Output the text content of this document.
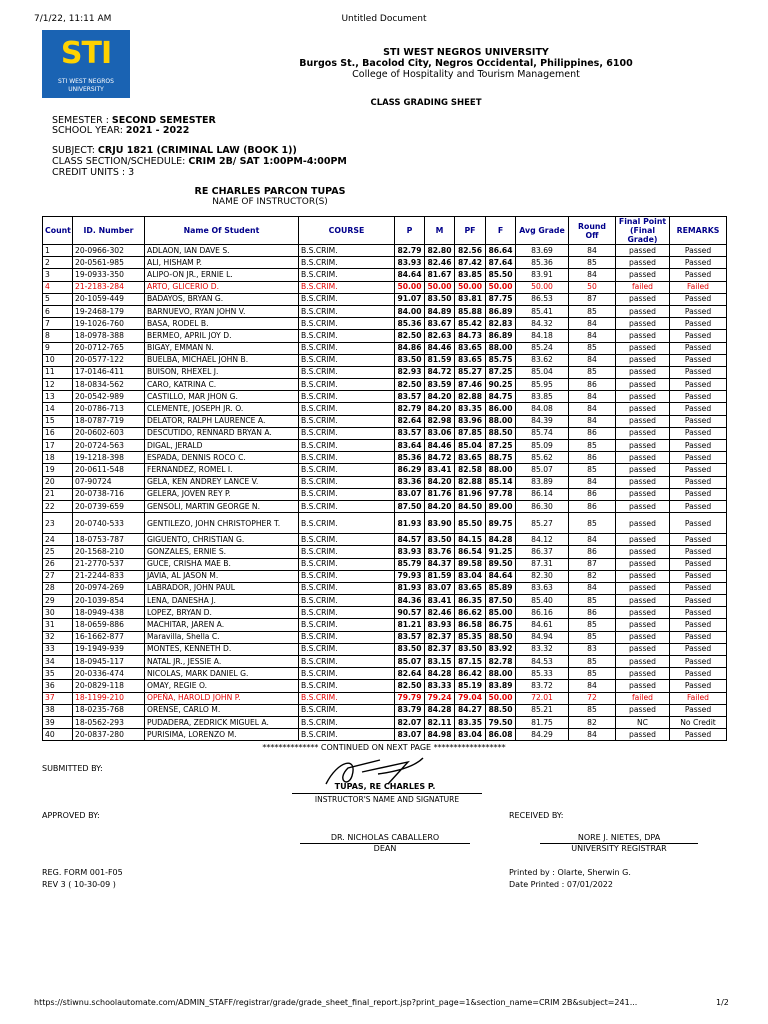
7/1/22, 11:11 AM	Untitled Document
STI
STI WEST NEGROS UNIVERSITY
STI WEST NEGROS UNIVERSITY
Burgos St., Bacolod City, Negros Occidental, Philippines, 6100
College of Hospitality and Tourism Management
CLASS GRADING SHEET
SEMESTER : SECOND SEMESTER
SCHOOL YEAR: 2021 - 2022
SUBJECT: CRJU 1821 (CRIMINAL LAW (BOOK 1))
CLASS SECTION/SCHEDULE: CRIM 2B/ SAT 1:00PM-4:00PM
CREDIT UNITS : 3
RE CHARLES PARCON TUPAS
NAME OF INSTRUCTOR(S)
Count	ID. Number	Name Of Student	COURSE	P	M	PF	F	Avg Grade	Round Off	Final Point (Final Grade)	REMARKS
1	20-0966-302	ADLAON, IAN DAVE S.	B.S.CRIM.	82.79	82.80	82.56	86.64	83.69	84	passed	Passed
2	20-0561-985	ALI, HISHAM P.	B.S.CRIM.	83.93	82.46	87.42	87.64	85.36	85	passed	Passed
3	19-0933-350	ALIPO-ON JR., ERNIE L.	B.S.CRIM.	84.64	81.67	83.85	85.50	83.91	84	passed	Passed
4	21-2183-284	ARTO, GLICERIO D.	B.S.CRIM.	50.00	50.00	50.00	50.00	50.00	50	failed	Failed
5	20-1059-449	BADAYOS, BRYAN G.	B.S.CRIM.	91.07	83.50	83.81	87.75	86.53	87	passed	Passed
6	19-2468-179	BARNUEVO, RYAN JOHN V.	B.S.CRIM.	84.00	84.89	85.88	86.89	85.41	85	passed	Passed
7	19-1026-760	BASA, RODEL B.	B.S.CRIM.	85.36	83.67	85.42	82.83	84.32	84	passed	Passed
8	18-0978-388	BERMEO, APRIL JOY D.	B.S.CRIM.	82.50	82.63	84.73	86.89	84.18	84	passed	Passed
9	20-0712-765	BIGAY, EMMAN N.	B.S.CRIM.	84.86	84.46	83.65	88.00	85.24	85	passed	Passed
10	20-0577-122	BUELBA, MICHAEL JOHN B.	B.S.CRIM.	83.50	81.59	83.65	85.75	83.62	84	passed	Passed
11	17-0146-411	BUISON, RHEXEL J.	B.S.CRIM.	82.93	84.72	85.27	87.25	85.04	85	passed	Passed
12	18-0834-562	CARO, KATRINA C.	B.S.CRIM.	82.50	83.59	87.46	90.25	85.95	86	passed	Passed
13	20-0542-989	CASTILLO, MAR JHON G.	B.S.CRIM.	83.57	84.20	82.88	84.75	83.85	84	passed	Passed
14	20-0786-713	CLEMENTE, JOSEPH JR. O.	B.S.CRIM.	82.79	84.20	83.35	86.00	84.08	84	passed	Passed
15	18-0787-719	DELATOR, RALPH LAURENCE A.	B.S.CRIM.	82.64	82.98	83.96	88.00	84.39	84	passed	Passed
16	20-0602-603	DESCUTIDO, RENNARD BRYAN A.	B.S.CRIM.	83.57	83.06	87.85	88.50	85.74	86	passed	Passed
17	20-0724-563	DIGAL, JERALD	B.S.CRIM.	83.64	84.46	85.04	87.25	85.09	85	passed	Passed
18	19-1218-398	ESPADA, DENNIS ROCO C.	B.S.CRIM.	85.36	84.72	83.65	88.75	85.62	86	passed	Passed
19	20-0611-548	FERNANDEZ, ROMEL I.	B.S.CRIM.	86.29	83.41	82.58	88.00	85.07	85	passed	Passed
20	07-90724	GELA, KEN ANDREY LANCE V.	B.S.CRIM.	83.36	84.20	82.88	85.14	83.89	84	passed	Passed
21	20-0738-716	GELERA, JOVEN REY P.	B.S.CRIM.	83.07	81.76	81.96	97.78	86.14	86	passed	Passed
22	20-0739-659	GENSOLI, MARTIN GEORGE N.	B.S.CRIM.	87.50	84.20	84.50	89.00	86.30	86	passed	Passed
23	20-0740-533	GENTILEZO, JOHN CHRISTOPHER T.	B.S.CRIM.	81.93	83.90	85.50	89.75	85.27	85	passed	Passed
24	18-0753-787	GIGUENTO, CHRISTIAN G.	B.S.CRIM.	84.57	83.50	84.15	84.28	84.12	84	passed	Passed
25	20-1568-210	GONZALES, ERNIE S.	B.S.CRIM.	83.93	83.76	86.54	91.25	86.37	86	passed	Passed
26	21-2770-537	GUCE, CRISHA MAE B.	B.S.CRIM.	85.79	84.37	89.58	89.50	87.31	87	passed	Passed
27	21-2244-833	JAVIA, AL JASON M.	B.S.CRIM.	79.93	81.59	83.04	84.64	82.30	82	passed	Passed
28	20-0974-269	LABRADOR, JOHN PAUL	B.S.CRIM.	81.93	83.07	83.65	85.89	83.63	84	passed	Passed
29	20-1039-854	LENA, DANESHA J.	B.S.CRIM.	84.36	83.41	86.35	87.50	85.40	85	passed	Passed
30	18-0949-438	LOPEZ, BRYAN D.	B.S.CRIM.	90.57	82.46	86.62	85.00	86.16	86	passed	Passed
31	18-0659-886	MACHITAR, JAREN A.	B.S.CRIM.	81.21	83.93	86.58	86.75	84.61	85	passed	Passed
32	16-1662-877	Maravilla, Shella C.	B.S.CRIM.	83.57	82.37	85.35	88.50	84.94	85	passed	Passed
33	19-1949-939	MONTES, KENNETH D.	B.S.CRIM.	83.50	82.37	83.50	83.92	83.32	83	passed	Passed
34	18-0945-117	NATAL JR., JESSIE A.	B.S.CRIM.	85.07	83.15	87.15	82.78	84.53	85	passed	Passed
35	20-0336-474	NICOLAS, MARK DANIEL G.	B.S.CRIM.	82.64	84.28	86.42	88.00	85.33	85	passed	Passed
36	20-0829-118	OMAY, REGIE O.	B.S.CRIM.	82.50	83.33	85.19	83.89	83.72	84	passed	Passed
37	18-1199-210	OPEÑA, HAROLD JOHN P.	B.S.CRIM.	79.79	79.24	79.04	50.00	72.01	72	failed	Failed
38	18-0235-768	ORENSE, CARLO M.	B.S.CRIM.	83.79	84.28	84.27	88.50	85.21	85	passed	Passed
39	18-0562-293	PUDADERA, ZEDRICK MIGUEL A.	B.S.CRIM.	82.07	82.11	83.35	79.50	81.75	82	NC	No Credit
40	20-0837-280	PURISIMA, LORENZO M.	B.S.CRIM.	83.07	84.98	83.04	86.08	84.29	84	passed	Passed
************** CONTINUED ON NEXT PAGE ******************
SUBMITTED BY:
TUPAS, RE CHARLES P.
INSTRUCTOR'S NAME AND SIGNATURE
APPROVED BY:	RECEIVED BY:
DR. NICHOLAS CABALLERO
DEAN
NORE J. NIETES, DPA
UNIVERSITY REGISTRAR
REG. FORM 001-F05
REV 3 ( 10-30-09 )
Printed by : Olarte, Sherwin G.
Date Printed : 07/01/2022
https://stiwnu.schoolautomate.com/ADMIN_STAFF/registrar/grade/grade_sheet_final_report.jsp?print_page=1&section_name=CRIM 2B&subject=241...	1/2
